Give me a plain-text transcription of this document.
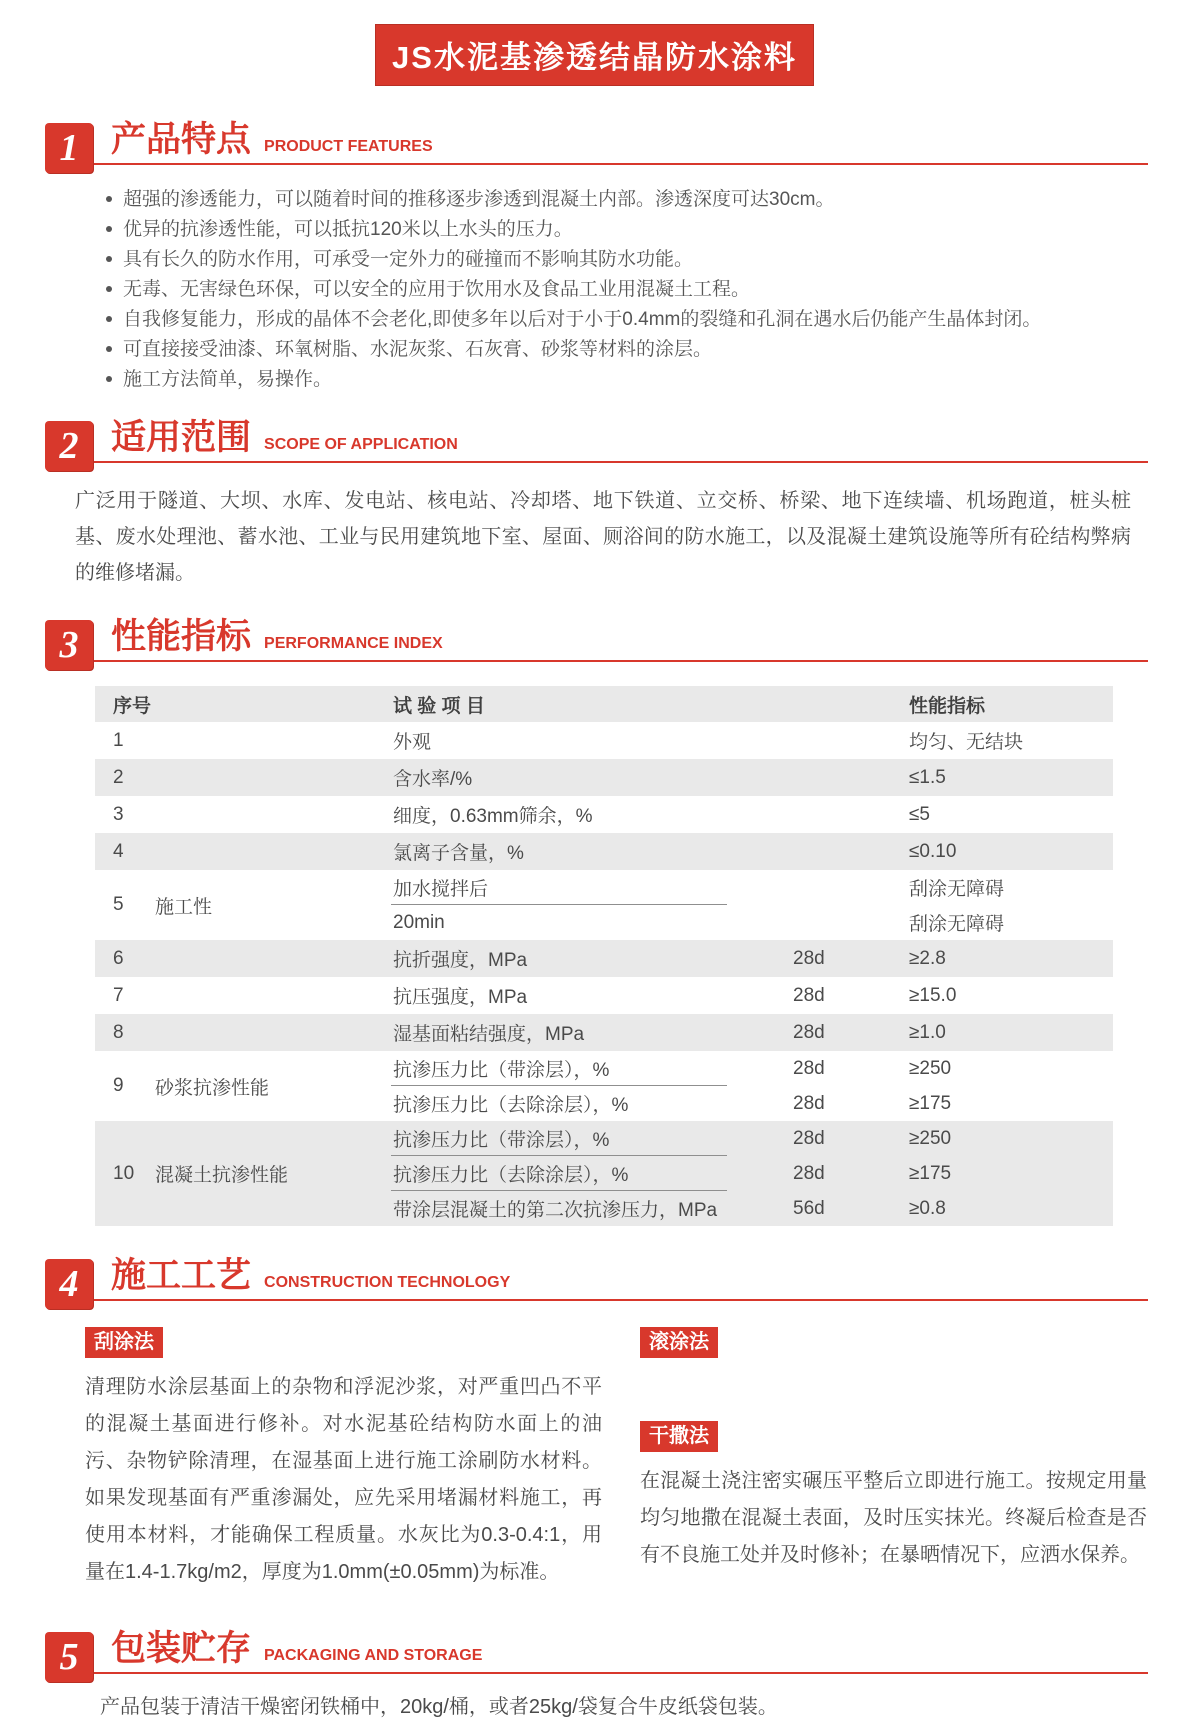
JS水泥基渗透结晶防水涂料
1 产品特点 PRODUCT FEATURES
超强的渗透能力，可以随着时间的推移逐步渗透到混凝土内部。渗透深度可达30cm。
优异的抗渗透性能，可以抵抗120米以上水头的压力。
具有长久的防水作用，可承受一定外力的碰撞而不影响其防水功能。
无毒、无害绿色环保，可以安全的应用于饮用水及食品工业用混凝土工程。
自我修复能力，形成的晶体不会老化,即使多年以后对于小于0.4mm的裂缝和孔洞在遇水后仍能产生晶体封闭。
可直接接受油漆、环氧树脂、水泥灰浆、石灰膏、砂浆等材料的涂层。
施工方法简单，易操作。
2 适用范围 SCOPE OF APPLICATION

广泛用于隧道、大坝、水库、发电站、核电站、冷却塔、地下铁道、立交桥、桥梁、地下连续墙、机场跑道，桩头桩基、废水处理池、蓄水池、工业与民用建筑地下室、屋面、厕浴间的防水施工，以及混凝土建筑设施等所有砼结构弊病的维修堵漏。

3 性能指标 PERFORMANCE INDEX
序号	试 验 项 目	性能指标
1	外观	均匀、无结块
2	含水率/%	≤1.5
3	细度，0.63mm筛余，%	≤5
4	氯离子含量，%	≤0.10
5	施工性
加水搅拌后	刮涂无障碍
20min	刮涂无障碍
6	抗折强度，MPa	28d	≥2.8
7	抗压强度，MPa	28d	≥15.0
8	湿基面粘结强度，MPa	28d	≥1.0
9	砂浆抗渗性能
抗渗压力比（带涂层），%	28d	≥250
抗渗压力比（去除涂层），%	28d	≥175
10	混凝土抗渗性能
抗渗压力比（带涂层），%	28d	≥250
抗渗压力比（去除涂层），%	28d	≥175
带涂层混凝土的第二次抗渗压力，MPa	56d	≥0.8
4 施工工艺 CONSTRUCTION TECHNOLOGY
刮涂法
清理防水涂层基面上的杂物和浮泥沙浆，对严重凹凸不平的混凝土基面进行修补。对水泥基砼结构防水面上的油污、杂物铲除清理，在湿基面上进行施工涂刷防水材料。如果发现基面有严重渗漏处，应先采用堵漏材料施工，再使用本材料，才能确保工程质量。水灰比为0.3-0.4:1，用量在1.4-1.7kg/m2，厚度为1.0mm(±0.05mm)为标准。
滚涂法
干撒法
在混凝土浇注密实碾压平整后立即进行施工。按规定用量均匀地撒在混凝土表面，及时压实抹光。终凝后检查是否有不良施工处并及时修补；在暴晒情况下，应洒水保养。
5 包装贮存 PACKAGING AND STORAGE

产品包装于清洁干燥密闭铁桶中，20kg/桶，或者25kg/袋复合牛皮纸袋包装。
